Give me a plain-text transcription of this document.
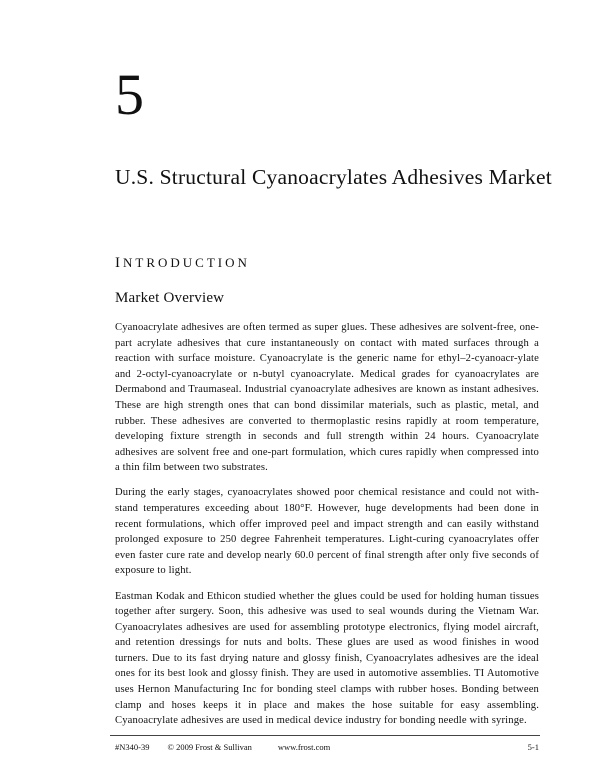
5
U.S. Structural Cyanoacrylates Adhesives Market
INTRODUCTION
Market Overview

Cyanoacrylate adhesives are often termed as super glues. These adhesives are solvent-free, one-part acrylate adhesives that cure instantaneously on contact with mated surfaces through a reaction with surface moisture. Cyanoacrylate is the generic name for ethyl–2-cyanoacr-ylate and 2-octyl-cyanoacrylate or n-butyl cyanoacrylate. Medical grades for cyanoacrylates are Dermabond and Traumaseal. Industrial cyanoacrylate adhesives are known as instant adhesives. These are high strength ones that can bond dissimilar materials, such as plastic, metal, and rubber. These adhesives are converted to thermoplastic resins rapidly at room temperature, developing fixture strength in seconds and full strength within 24 hours. Cyanoacrylate adhesives are solvent free and one-part formulation, which cures rapidly when compressed into a thin film between two substrates.

During the early stages, cyanoacrylates showed poor chemical resistance and could not with-stand temperatures exceeding about 180°F. However, huge developments had been done in recent formulations, which offer improved peel and impact strength and can easily withstand prolonged exposure to 250 degree Fahrenheit temperatures. Light-curing cyanoacrylates offer even faster cure rate and develop nearly 60.0 percent of final strength after only five seconds of exposure to light.

Eastman Kodak and Ethicon studied whether the glues could be used for holding human tissues together after surgery. Soon, this adhesive was used to seal wounds during the Vietnam War. Cyanoacrylates adhesives are used for assembling prototype electronics, flying model aircraft, and retention dressings for nuts and bolts. These glues are used as wood finishes in wood turners. Due to its fast drying nature and glossy finish, Cyanoacrylates adhesives are the ideal ones for its best look and glossy finish. They are used in automotive assemblies. TI Automotive uses Hernon Manufacturing Inc for bonding steel clamps with rubber hoses. Bonding between clamp and hoses keeps it in place and makes the hose suitable for easy assembling. Cyanoacrylate adhesives are used in medical device industry for bonding needle with syringe.

#N340-39 © 2009 Frost & Sullivan	www.frost.com	5-1
